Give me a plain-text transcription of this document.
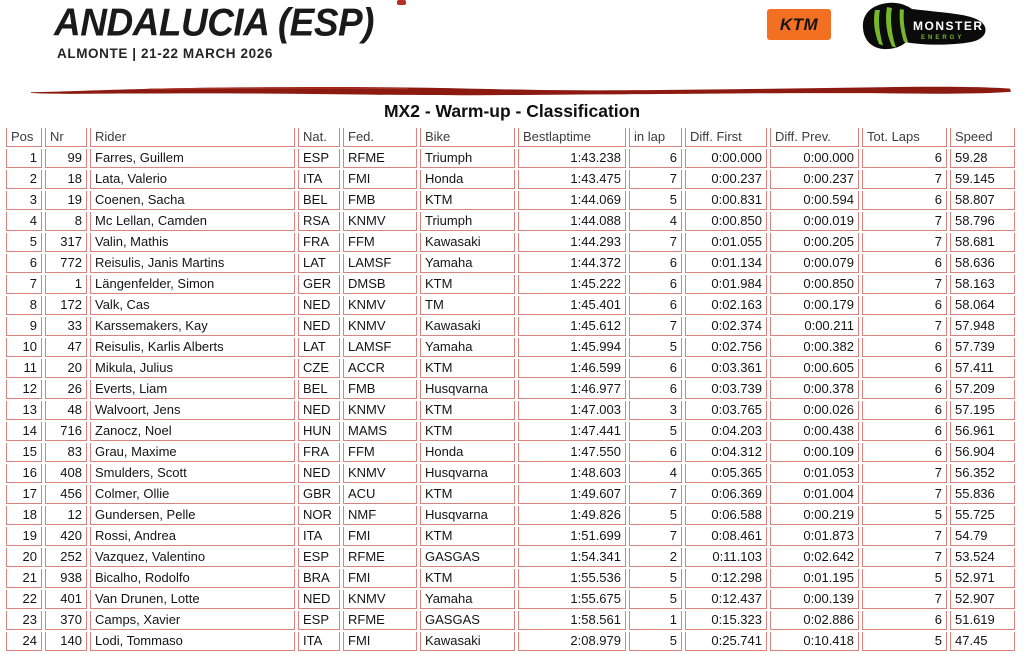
ANDALUCIA (ESP)
ALMONTE | 21-22 MARCH 2026
KTM	MONSTER
ENERGY
MX2 - Warm-up - Classification
Pos	Nr	Rider	Nat.	Fed.	Bike	Bestlaptime	in lap	Diff. First	Diff. Prev.	Tot. Laps	Speed
1	99	Farres, Guillem	ESP	RFME	Triumph	1:43.238	6	0:00.000	0:00.000	6	59.28
2	18	Lata, Valerio	ITA	FMI	Honda	1:43.475	7	0:00.237	0:00.237	7	59.145
3	19	Coenen, Sacha	BEL	FMB	KTM	1:44.069	5	0:00.831	0:00.594	6	58.807
4	8	Mc Lellan, Camden	RSA	KNMV	Triumph	1:44.088	4	0:00.850	0:00.019	7	58.796
5	317	Valin, Mathis	FRA	FFM	Kawasaki	1:44.293	7	0:01.055	0:00.205	7	58.681
6	772	Reisulis, Janis Martins	LAT	LAMSF	Yamaha	1:44.372	6	0:01.134	0:00.079	6	58.636
7	1	Längenfelder, Simon	GER	DMSB	KTM	1:45.222	6	0:01.984	0:00.850	7	58.163
8	172	Valk, Cas	NED	KNMV	TM	1:45.401	6	0:02.163	0:00.179	6	58.064
9	33	Karssemakers, Kay	NED	KNMV	Kawasaki	1:45.612	7	0:02.374	0:00.211	7	57.948
10	47	Reisulis, Karlis Alberts	LAT	LAMSF	Yamaha	1:45.994	5	0:02.756	0:00.382	6	57.739
11	20	Mikula, Julius	CZE	ACCR	KTM	1:46.599	6	0:03.361	0:00.605	6	57.411
12	26	Everts, Liam	BEL	FMB	Husqvarna	1:46.977	6	0:03.739	0:00.378	6	57.209
13	48	Walvoort, Jens	NED	KNMV	KTM	1:47.003	3	0:03.765	0:00.026	6	57.195
14	716	Zanocz, Noel	HUN	MAMS	KTM	1:47.441	5	0:04.203	0:00.438	6	56.961
15	83	Grau, Maxime	FRA	FFM	Honda	1:47.550	6	0:04.312	0:00.109	6	56.904
16	408	Smulders, Scott	NED	KNMV	Husqvarna	1:48.603	4	0:05.365	0:01.053	7	56.352
17	456	Colmer, Ollie	GBR	ACU	KTM	1:49.607	7	0:06.369	0:01.004	7	55.836
18	12	Gundersen, Pelle	NOR	NMF	Husqvarna	1:49.826	5	0:06.588	0:00.219	5	55.725
19	420	Rossi, Andrea	ITA	FMI	KTM	1:51.699	7	0:08.461	0:01.873	7	54.79
20	252	Vazquez, Valentino	ESP	RFME	GASGAS	1:54.341	2	0:11.103	0:02.642	7	53.524
21	938	Bicalho, Rodolfo	BRA	FMI	KTM	1:55.536	5	0:12.298	0:01.195	5	52.971
22	401	Van Drunen, Lotte	NED	KNMV	Yamaha	1:55.675	5	0:12.437	0:00.139	7	52.907
23	370	Camps, Xavier	ESP	RFME	GASGAS	1:58.561	1	0:15.323	0:02.886	6	51.619
24	140	Lodi, Tommaso	ITA	FMI	Kawasaki	2:08.979	5	0:25.741	0:10.418	5	47.45
